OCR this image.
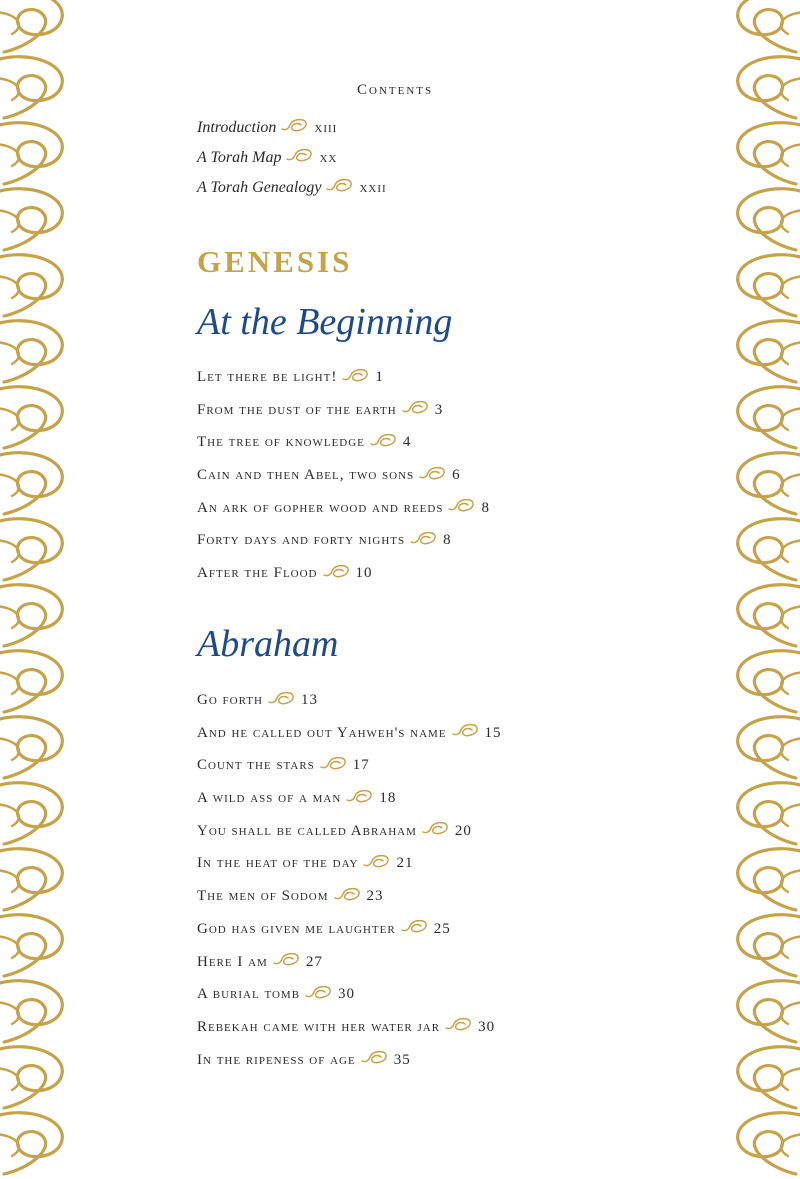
Contents
Introduction xiii
A Torah Map xx
A Torah Genealogy xxii
GENESIS
At the Beginning
Let there be light!	1
From the dust of the earth	3
The tree of knowledge	4
Cain and then Abel, two sons	6
An ark of gopher wood and reeds	8
Forty days and forty nights	8
After the Flood	10
Abraham
Go forth	13
And he called out Yahweh's name	15
Count the stars	17
A wild ass of a man	18
You shall be called Abraham	20
In the heat of the day	21
The men of Sodom	23
God has given me laughter	25
Here I am	27
A burial tomb	30
Rebekah came with her water jar	30
In the ripeness of age	35
